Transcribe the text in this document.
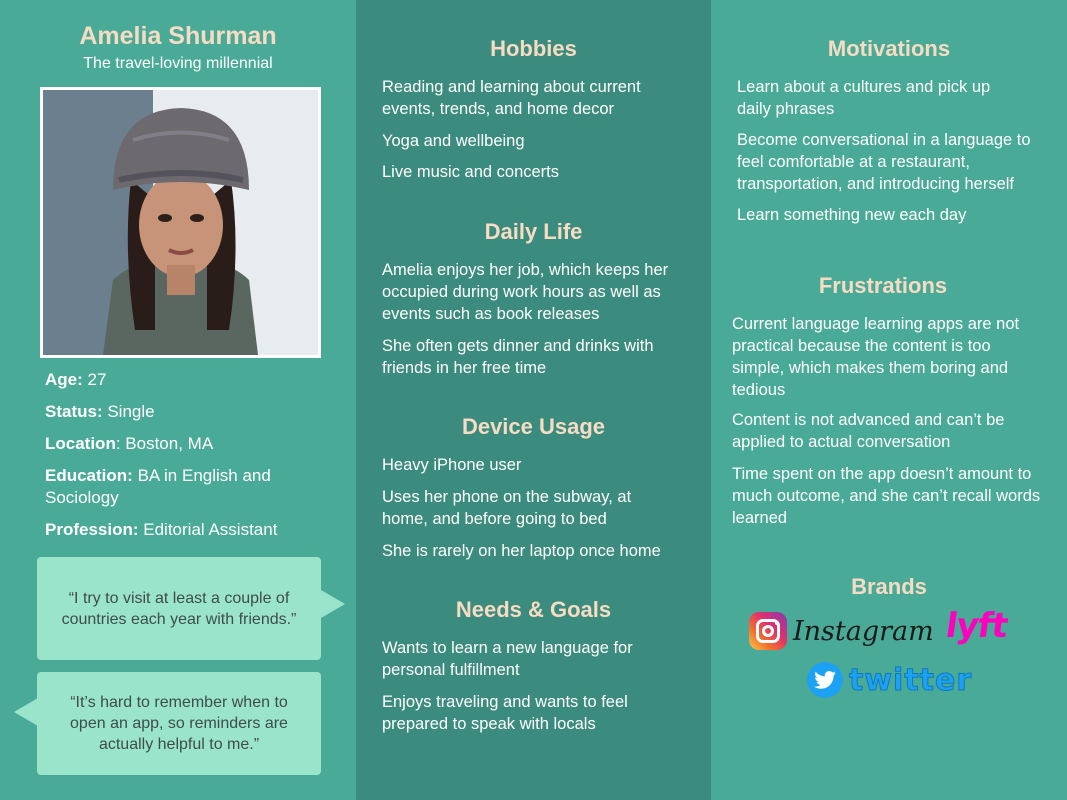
Amelia Shurman
The travel-loving millennial
Age: 27
Status: Single
Location: Boston, MA
Education: BA in English and Sociology
Profession: Editorial Assistant
“I try to visit at least a couple of countries each year with friends.”
“It’s hard to remember when to open an app, so reminders are actually helpful to me.”
Hobbies
Reading and learning about current events, trends, and home decor
Yoga and wellbeing
Live music and concerts
Daily Life
Amelia enjoys her job, which keeps her occupied during work hours as well as events such as book releases
She often gets dinner and drinks with friends in her free time
Device Usage
Heavy iPhone user
Uses her phone on the subway, at home, and before going to bed
She is rarely on her laptop once home
Needs & Goals
Wants to learn a new language for personal fulfillment
Enjoys traveling and wants to feel prepared to speak with locals
Motivations
Learn about a cultures and pick up daily phrases
Become conversational in a language to feel comfortable at a restaurant, transportation, and introducing herself
Learn something new each day
Frustrations
Current language learning apps are not practical because the content is too simple, which makes them boring and tedious
Content is not advanced and can’t be applied to actual conversation
Time spent on the app doesn’t amount to much outcome, and she can’t recall words learned
Brands
Instagram lyft
twitter
